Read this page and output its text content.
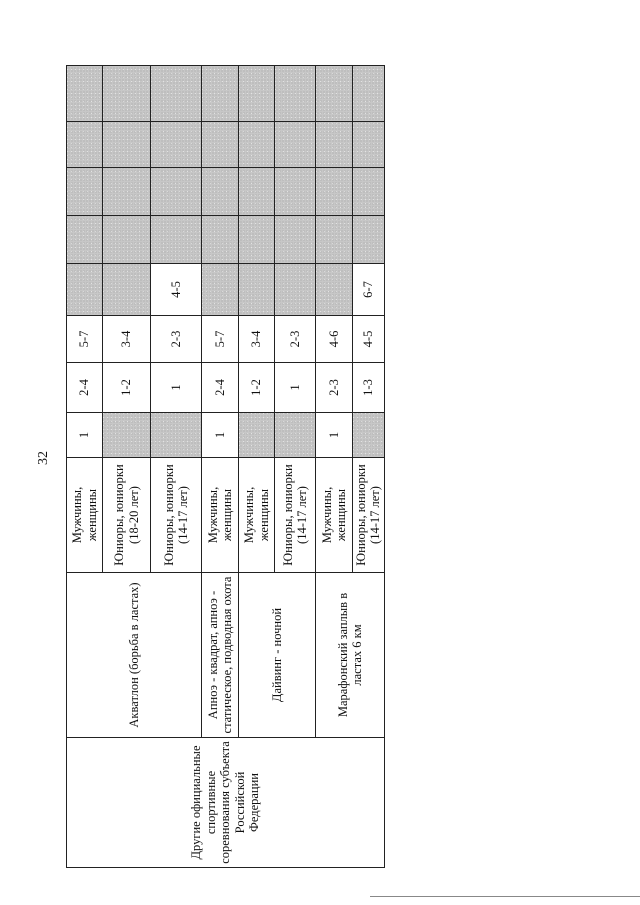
32
Другие официальные спортивные соревнования субъекта Российской Федерации	Акватлон (борьба в ластах)	Мужчины, женщины	1	2-4	5-7					
		Юниоры, юниорки (18-20 лет)		1-2	3-4					
		Юниоры, юниорки (14-17 лет)		1	2-3	4-5				
	Апноэ - квадрат, апноэ - статическое, подводная охота	Мужчины, женщины	1	2-4	5-7					
	Дайвинг - ночной	Мужчины, женщины		1-2	3-4					
		Юниоры, юниорки (14-17 лет)		1	2-3					
	Марафонский заплыв в ластах 6 км	Мужчины, женщины	1	2-3	4-6					
		Юниоры, юниорки (14-17 лет)		1-3	4-5	6-7				
